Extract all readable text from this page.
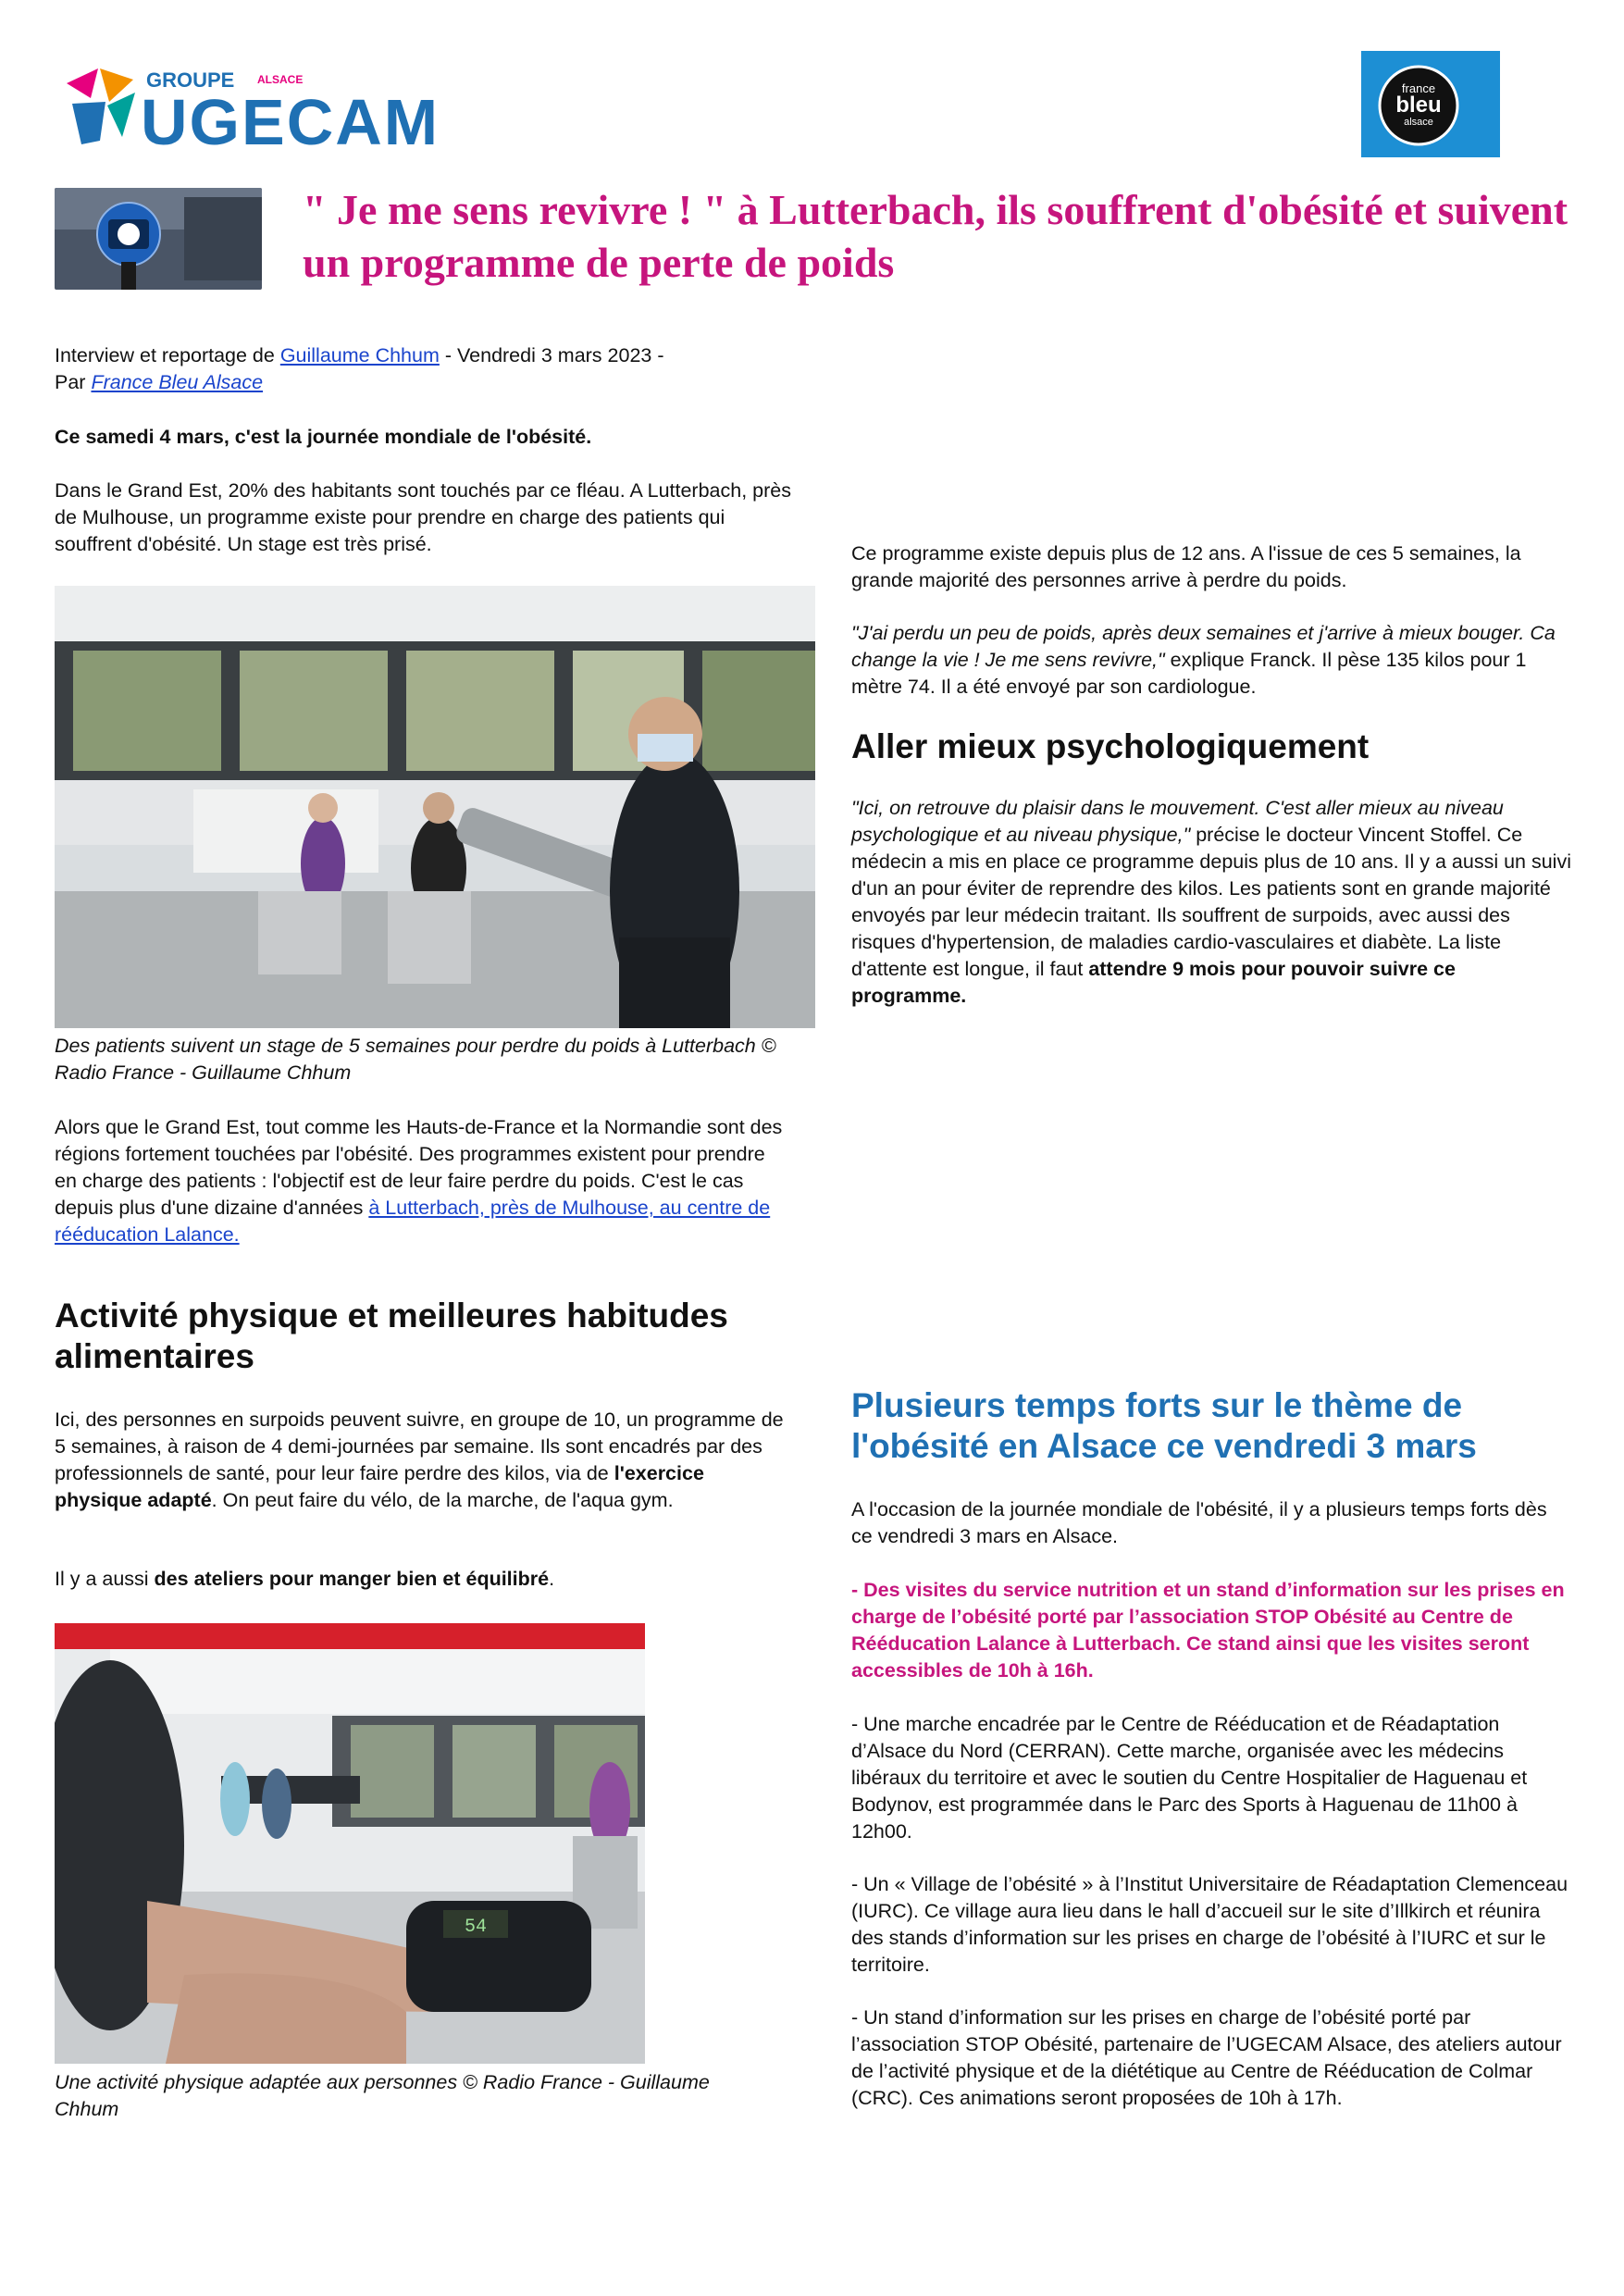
GROUPE ALSACE
UGECAM	france
bleu
alsace
" Je me sens revivre ! " à Lutterbach, ils souffrent d'obésité et suivent un programme de perte de poids

Interview et reportage de Guillaume Chhum - Vendredi 3 mars 2023 -
Par France Bleu Alsace

Ce samedi 4 mars, c'est la journée mondiale de l'obésité.

Dans le Grand Est, 20% des habitants sont touchés par ce fléau. A Lutterbach, près de Mulhouse, un programme existe pour prendre en charge des patients qui souffrent d'obésité. Un stage est très prisé.

Des patients suivent un stage de 5 semaines pour perdre du poids à Lutterbach © Radio France - Guillaume Chhum

Alors que le Grand Est, tout comme les Hauts-de-France et la Normandie sont des régions fortement touchées par l'obésité. Des programmes existent pour prendre en charge des patients : l'objectif est de leur faire perdre du poids. C'est le cas depuis plus d'une dizaine d'années à Lutterbach, près de Mulhouse, au centre de rééducation Lalance.

Activité physique et meilleures habitudes alimentaires

Ici, des personnes en surpoids peuvent suivre, en groupe de 10, un programme de 5 semaines, à raison de 4 demi-journées par semaine. Ils sont encadrés par des professionnels de santé, pour leur faire perdre des kilos, via de l'exercice physique adapté. On peut faire du vélo, de la marche, de l'aqua gym.

Il y a aussi des ateliers pour manger bien et équilibré.

54

Une activité physique adaptée aux personnes © Radio France - Guillaume Chhum

Ce programme existe depuis plus de 12 ans. A l'issue de ces 5 semaines, la grande majorité des personnes arrive à perdre du poids.

"J'ai perdu un peu de poids, après deux semaines et j'arrive à mieux bouger. Ca change la vie ! Je me sens revivre," explique Franck. Il pèse 135 kilos pour 1 mètre 74. Il a été envoyé par son cardiologue.

Aller mieux psychologiquement

"Ici, on retrouve du plaisir dans le mouvement. C'est aller mieux au niveau psychologique et au niveau physique," précise le docteur Vincent Stoffel. Ce médecin a mis en place ce programme depuis plus de 10 ans. Il y a aussi un suivi d'un an pour éviter de reprendre des kilos. Les patients sont en grande majorité envoyés par leur médecin traitant. Ils souffrent de surpoids, avec aussi des risques d'hypertension, de maladies cardio-vasculaires et diabète. La liste d'attente est longue, il faut attendre 9 mois pour pouvoir suivre ce programme.

Plusieurs temps forts sur le thème de l'obésité en Alsace ce vendredi 3 mars

A l'occasion de la journée mondiale de l'obésité, il y a plusieurs temps forts dès ce vendredi 3 mars en Alsace.

- Des visites du service nutrition et un stand d’information sur les prises en charge de l’obésité porté par l’association STOP Obésité au Centre de Rééducation Lalance à Lutterbach. Ce stand ainsi que les visites seront accessibles de 10h à 16h.

- Une marche encadrée par le Centre de Rééducation et de Réadaptation d’Alsace du Nord (CERRAN). Cette marche, organisée avec les médecins libéraux du territoire et avec le soutien du Centre Hospitalier de Haguenau et Bodynov, est programmée dans le Parc des Sports à Haguenau de 11h00 à 12h00.

- Un « Village de l’obésité » à l’Institut Universitaire de Réadaptation Clemenceau (IURC). Ce village aura lieu dans le hall d’accueil sur le site d’Illkirch et réunira des stands d’information sur les prises en charge de l’obésité à l’IURC et sur le territoire.

- Un stand d’information sur les prises en charge de l’obésité porté par l’association STOP Obésité, partenaire de l’UGECAM Alsace, des ateliers autour de l’activité physique et de la diététique au Centre de Rééducation de Colmar (CRC). Ces animations seront proposées de 10h à 17h.
